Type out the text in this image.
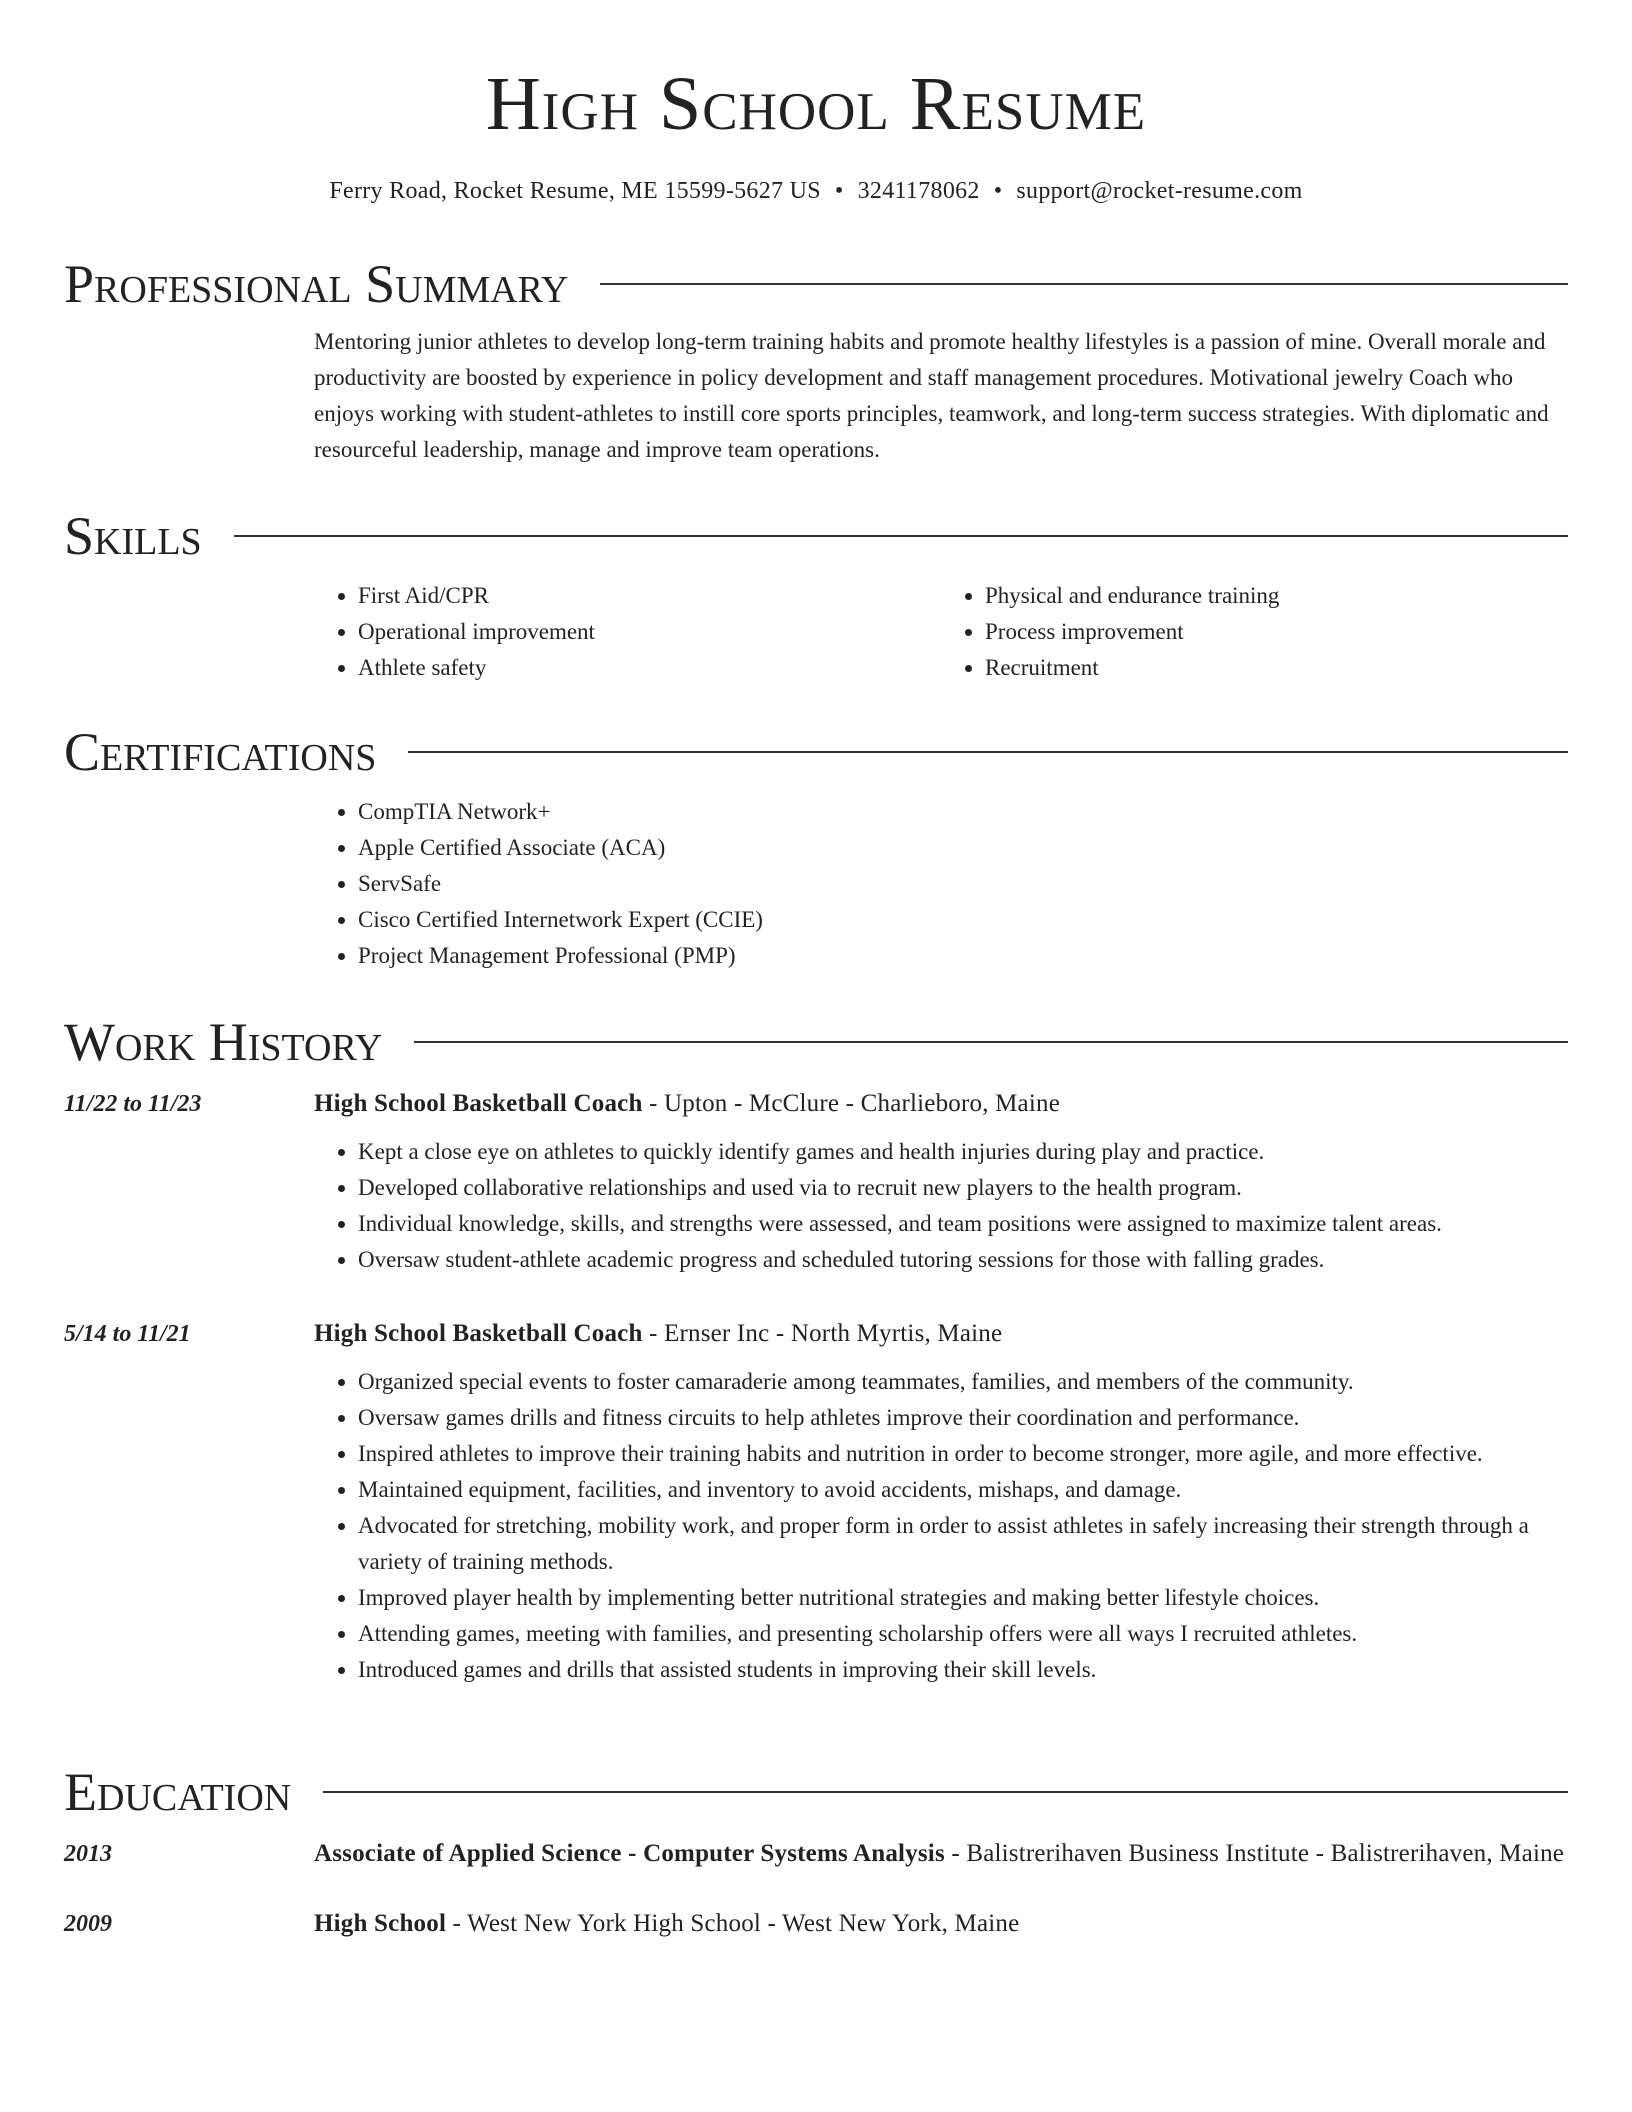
High School Resume
Ferry Road, Rocket Resume, ME 15599-5627 US • 3241178062 • support@rocket-resume.com
Professional Summary
Mentoring junior athletes to develop long-term training habits and promote healthy lifestyles is a passion of mine. Overall morale and productivity are boosted by experience in policy development and staff management procedures. Motivational jewelry Coach who enjoys working with student-athletes to instill core sports principles, teamwork, and long-term success strategies. With diplomatic and resourceful leadership, manage and improve team operations.
Skills
• First Aid/CPR
• Operational improvement
• Athlete safety
• Physical and endurance training
• Process improvement
• Recruitment
Certifications
• CompTIA Network+
• Apple Certified Associate (ACA)
• ServSafe
• Cisco Certified Internetwork Expert (CCIE)
• Project Management Professional (PMP)
Work History
11/22 to 11/23	High School Basketball Coach - Upton - McClure - Charlieboro, Maine
• Kept a close eye on athletes to quickly identify games and health injuries during play and practice.
• Developed collaborative relationships and used via to recruit new players to the health program.
• Individual knowledge, skills, and strengths were assessed, and team positions were assigned to maximize talent areas.
• Oversaw student-athlete academic progress and scheduled tutoring sessions for those with falling grades.
5/14 to 11/21	High School Basketball Coach - Ernser Inc - North Myrtis, Maine
• Organized special events to foster camaraderie among teammates, families, and members of the community.
• Oversaw games drills and fitness circuits to help athletes improve their coordination and performance.
• Inspired athletes to improve their training habits and nutrition in order to become stronger, more agile, and more effective.
• Maintained equipment, facilities, and inventory to avoid accidents, mishaps, and damage.
• Advocated for stretching, mobility work, and proper form in order to assist athletes in safely increasing their strength through a variety of training methods.
• Improved player health by implementing better nutritional strategies and making better lifestyle choices.
• Attending games, meeting with families, and presenting scholarship offers were all ways I recruited athletes.
• Introduced games and drills that assisted students in improving their skill levels.
Education
2013	Associate of Applied Science - Computer Systems Analysis - Balistrerihaven Business Institute - Balistrerihaven, Maine
2009	High School - West New York High School - West New York, Maine
